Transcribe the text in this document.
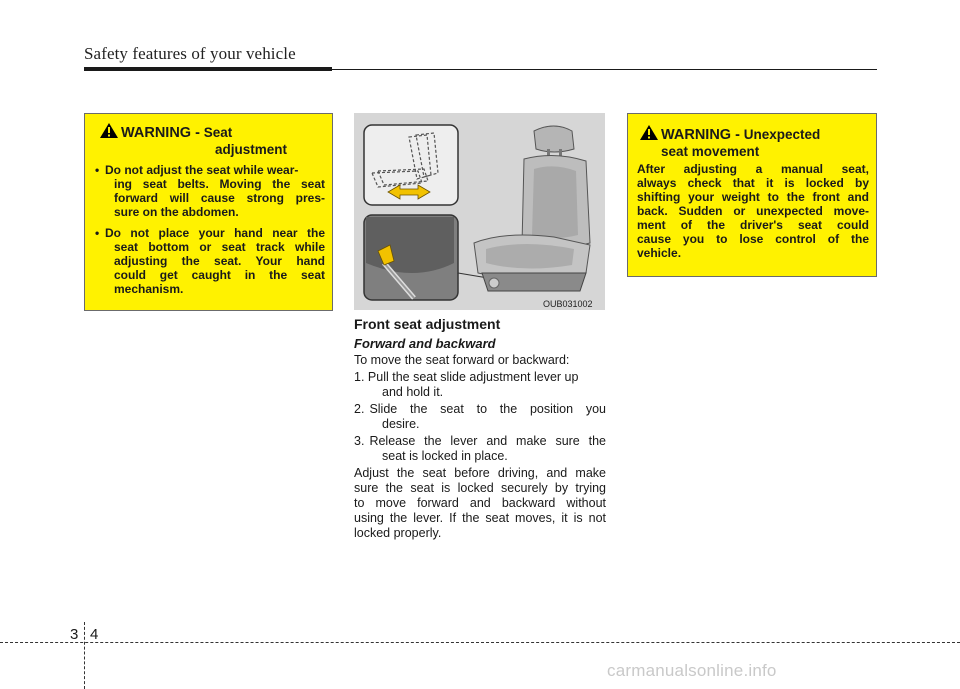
Safety features of your vehicle
WARNING - Seat
adjustment
• Do not adjust the seat while wear-
ing seat belts. Moving the seat
forward will cause strong pres-
sure on the abdomen.
• Do not place your hand near the
seat bottom or seat track while
adjusting the seat. Your hand
could get caught in the seat
mechanism.
OUB031002
Front seat adjustment
Forward and backward
To move the seat forward or backward:
1. Pull the seat slide adjustment lever up
and hold it.
2. Slide the seat to the position you
desire.
3. Release the lever and make sure the
seat is locked in place.
Adjust the seat before driving, and make
sure the seat is locked securely by trying
to move forward and backward without
using the lever. If the seat moves, it is not
locked properly.
WARNING - Unexpected
seat movement
After adjusting a manual seat,
always check that it is locked by
shifting your weight to the front and
back. Sudden or unexpected move-
ment of the driver's seat could
cause you to lose control of the
vehicle.
3 4
carmanualsonline.info
